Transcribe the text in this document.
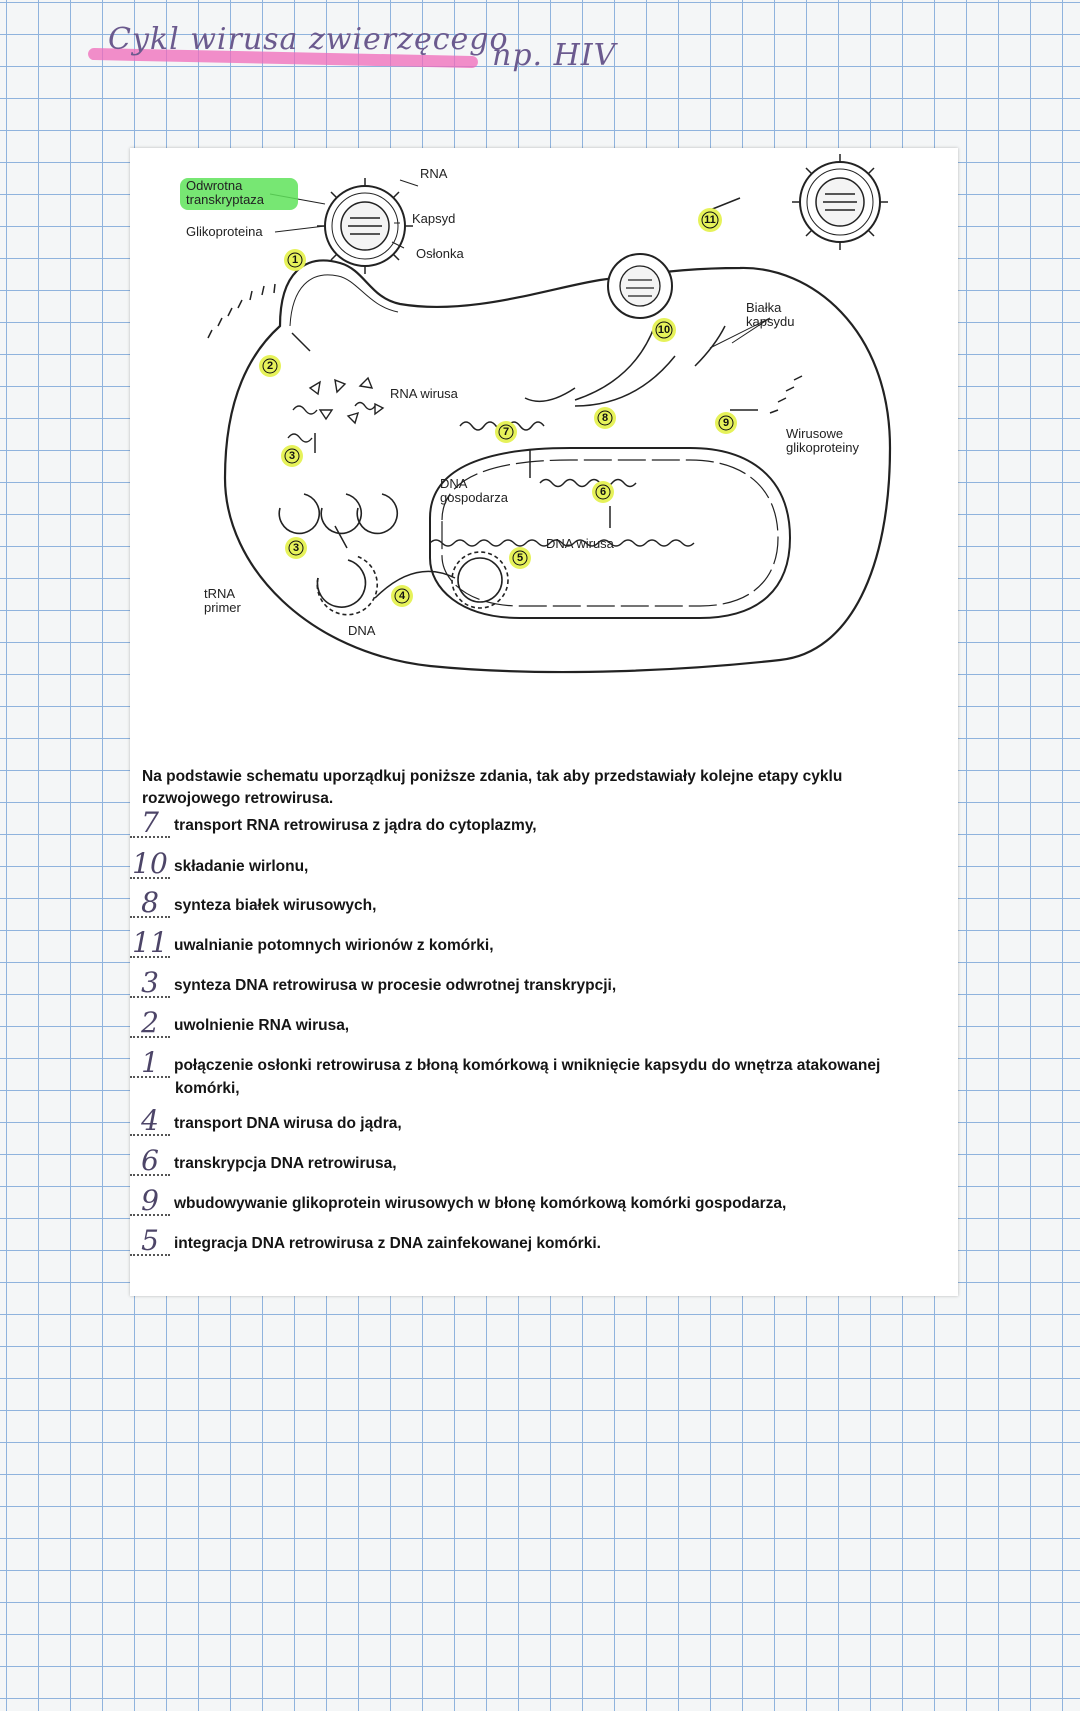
Cykl wirusa zwierzęcego
np. HIV
Odwrotna transkryptaza
RNA
Kapsyd
Glikoproteina
Osłonka
RNA wirusa
DNA gospodarza
DNA wirusa
tRNA primer
DNA
Białka kapsydu
Wirusowe glikoproteiny
1
2
3
3
4
5
6
7
8	9
10
11
Na podstawie schematu uporządkuj poniższe zdania, tak aby przedstawiały kolejne etapy cyklu rozwojowego retrowirusa.
7 transport RNA retrowirusa z jądra do cytoplazmy,
10 składanie wirlonu,
8 synteza białek wirusowych,
11 uwalnianie potomnych wirionów z komórki,
3 synteza DNA retrowirusa w procesie odwrotnej transkrypcji,
2 uwolnienie RNA wirusa,
1 połączenie osłonki retrowirusa z błoną komórkową i wniknięcie kapsydu do wnętrza atakowanej
komórki,
4 transport DNA wirusa do jądra,
6 transkrypcja DNA retrowirusa,
9 wbudowywanie glikoprotein wirusowych w błonę komórkową komórki gospodarza,
5 integracja DNA retrowirusa z DNA zainfekowanej komórki.
